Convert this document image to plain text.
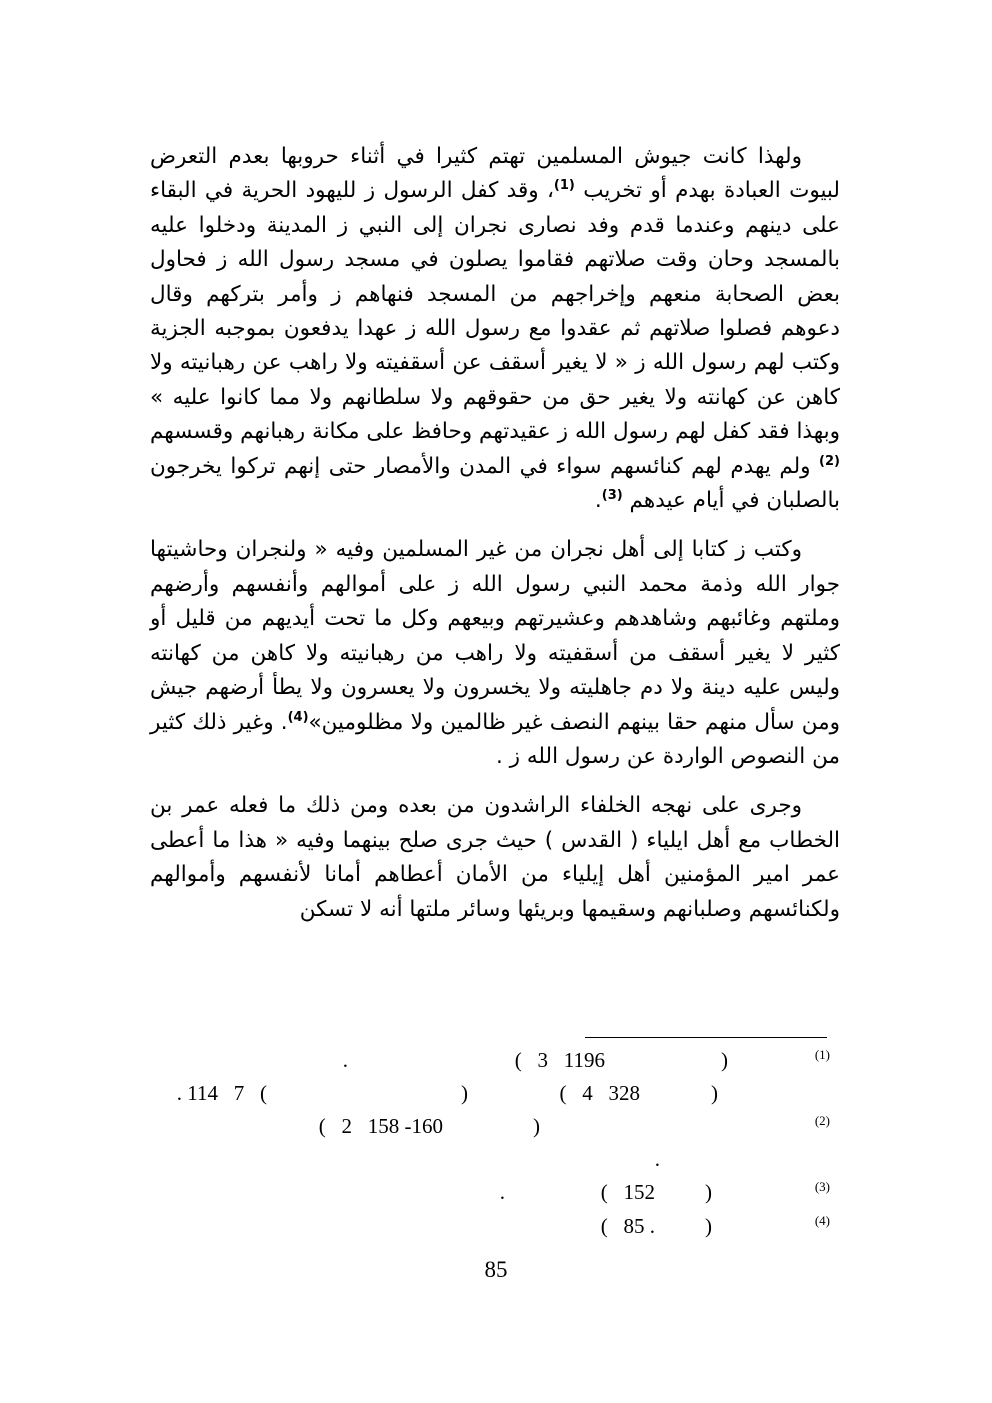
ولهذا كانت جيوش المسلمين تهتم كثيرا في أثناء حروبها بعدم التعرض لبيوت العبادة بهدم أو تخريب $^{(1)}$، وقد كفل الرسول ز لليهود الحرية في البقاء على دينهم وعندما قدم وفد نصارى نجران إلى النبي ز المدينة ودخلوا عليه بالمسجد وحان وقت صلاتهم فقاموا يصلون في مسجد رسول الله ز فحاول بعض الصحابة منعهم وإخراجهم من المسجد فنهاهم ز وأمر بتركهم وقال دعوهم فصلوا صلاتهم ثم عقدوا مع رسول الله ز عهدا يدفعون بموجبه الجزية وكتب لهم رسول الله ز « لا يغير أسقف عن أسقفيته ولا راهب عن رهبانيته ولا كاهن عن كهانته ولا يغير حق من حقوقهم ولا سلطانهم ولا مما كانوا عليه » وبهذا فقد كفل لهم رسول الله ز عقيدتهم وحافظ على مكانة رهبانهم وقسسهم $^{(2)}$ ولم يهدم لهم كنائسهم سواء في المدن والأمصار حتى إنهم تركوا يخرجون بالصلبان في أيام عيدهم $^{(3)}$.

وكتب ز كتابا إلى أهل نجران من غير المسلمين وفيه « ولنجران وحاشيتها جوار الله وذمة محمد النبي رسول الله ز على أموالهم وأنفسهم وأرضهم وملتهم وغائبهم وشاهدهم وعشيرتهم وبيعهم وكل ما تحت أيديهم من قليل أو كثير لا يغير أسقف من أسقفيته ولا راهب من رهبانيته ولا كاهن من كهانته وليس عليه دينة ولا دم جاهليته ولا يخسرون ولا يعسرون ولا يطأ أرضهم جيش ومن سأل منهم حقا بينهم النصف غير ظالمين ولا مظلومين»$^{(4)}$. وغير ذلك كثير من النصوص الواردة عن رسول الله ز .

وجرى على نهجه الخلفاء الراشدون من بعده ومن ذلك ما فعله عمر بن الخطاب مع أهل ايلياء ( القدس ) حيث جرى صلح بينهما وفيه « هذا ما أعطى عمر امير المؤمنين أهل إيلياء من الأمان أعطاهم أمانا لأنفسهم وأموالهم ولكنائسهم وصلبانهم وسقيمها وبريئها وسائر ملتها أنه لا تسكن

(1)
)
(   3   1196
.
)
(   4   328
)
. 114   7   (
(2)
)
(   2   158 -160
.
(3)
)
(   152
.
(4)
)
(   85 .
85
